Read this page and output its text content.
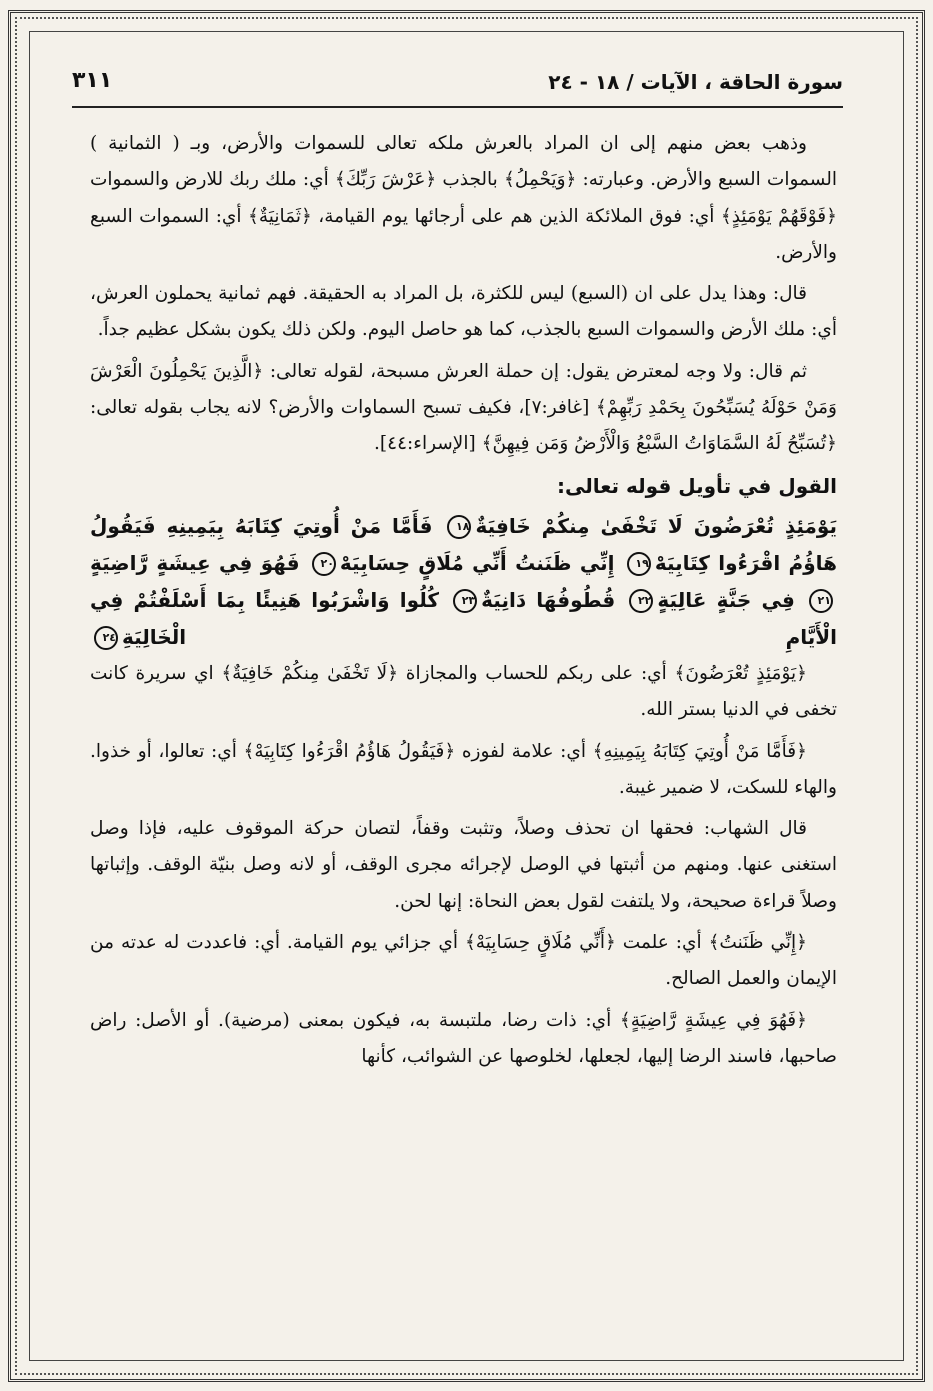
سورة الحاقة ، الآيات / ١٨ - ٢٤
٣١١

وذهب بعض منهم إلى ان المراد بالعرش ملكه تعالى للسموات والأرض، وبـ ( الثمانية ) السموات السبع والأرض. وعبارته: ﴿وَيَحْمِلُ﴾ بالجذب ﴿عَرْشَ رَبِّكَ﴾ أي: ملك ربك للارض والسموات ﴿فَوْقَهُمْ يَوْمَئِذٍ﴾ أي: فوق الملائكة الذين هم على أرجائها يوم القيامة، ﴿ثَمَانِيَةٌ﴾ أي: السموات السبع والأرض.

قال: وهذا يدل على ان (السبع) ليس للكثرة، بل المراد به الحقيقة. فهم ثمانية يحملون العرش، أي: ملك الأرض والسموات السبع بالجذب، كما هو حاصل اليوم. ولكن ذلك يكون بشكل عظيم جداً.

ثم قال: ولا وجه لمعترض يقول: إن حملة العرش مسبحة، لقوله تعالى: ﴿الَّذِينَ يَحْمِلُونَ الْعَرْشَ وَمَنْ حَوْلَهُ يُسَبِّحُونَ بِحَمْدِ رَبِّهِمْ﴾ [غافر:٧]، فكيف تسبح السماوات والأرض؟ لانه يجاب بقوله تعالى: ﴿تُسَبِّحُ لَهُ السَّمَاوَاتُ السَّبْعُ وَالْأَرْضُ وَمَن فِيهِنَّ﴾ [الإسراء:٤٤].

القول في تأويل قوله تعالى:
يَوْمَئِذٍ تُعْرَضُونَ لَا تَخْفَىٰ مِنكُمْ خَافِيَةٌ١٨ فَأَمَّا مَنْ أُوتِيَ كِتَابَهُ بِيَمِينِهِ فَيَقُولُ هَاؤُمُ اقْرَءُوا كِتَابِيَهْ١٩ إِنِّي ظَنَنتُ أَنِّي مُلَاقٍ حِسَابِيَهْ٢٠ فَهُوَ فِي عِيشَةٍ رَّاضِيَةٍ٢١ فِي جَنَّةٍ عَالِيَةٍ٢٢ قُطُوفُهَا دَانِيَةٌ٢٣ كُلُوا وَاشْرَبُوا هَنِيئًا بِمَا أَسْلَفْتُمْ فِي الْأَيَّامِ الْخَالِيَةِ٢٤

﴿يَوْمَئِذٍ تُعْرَضُونَ﴾ أي: على ربكم للحساب والمجازاة ﴿لَا تَخْفَىٰ مِنكُمْ خَافِيَةٌ﴾ اي سريرة كانت تخفى في الدنيا بستر الله.

﴿فَأَمَّا مَنْ أُوتِيَ كِتَابَهُ بِيَمِينِهِ﴾ أي: علامة لفوزه ﴿فَيَقُولُ هَاؤُمُ اقْرَءُوا كِتَابِيَهْ﴾ أي: تعالوا، أو خذوا. والهاء للسكت، لا ضمير غيبة.

قال الشهاب: فحقها ان تحذف وصلاً، وتثبت وقفاً، لتصان حركة الموقوف عليه، فإذا وصل استغنى عنها. ومنهم من أثبتها في الوصل لإجرائه مجرى الوقف، أو لانه وصل بنيّة الوقف. وإثباتها وصلاً قراءة صحيحة، ولا يلتفت لقول بعض النحاة: إنها لحن.

﴿إِنِّي ظَنَنتُ﴾ أي: علمت ﴿أَنِّي مُلَاقٍ حِسَابِيَهْ﴾ أي جزائي يوم القيامة. أي: فاعددت له عدته من الإيمان والعمل الصالح.

﴿فَهُوَ فِي عِيشَةٍ رَّاضِيَةٍ﴾ أي: ذات رضا، ملتبسة به، فيكون بمعنى (مرضية). أو الأصل: راض صاحبها، فاسند الرضا إليها، لجعلها، لخلوصها عن الشوائب، كأنها
